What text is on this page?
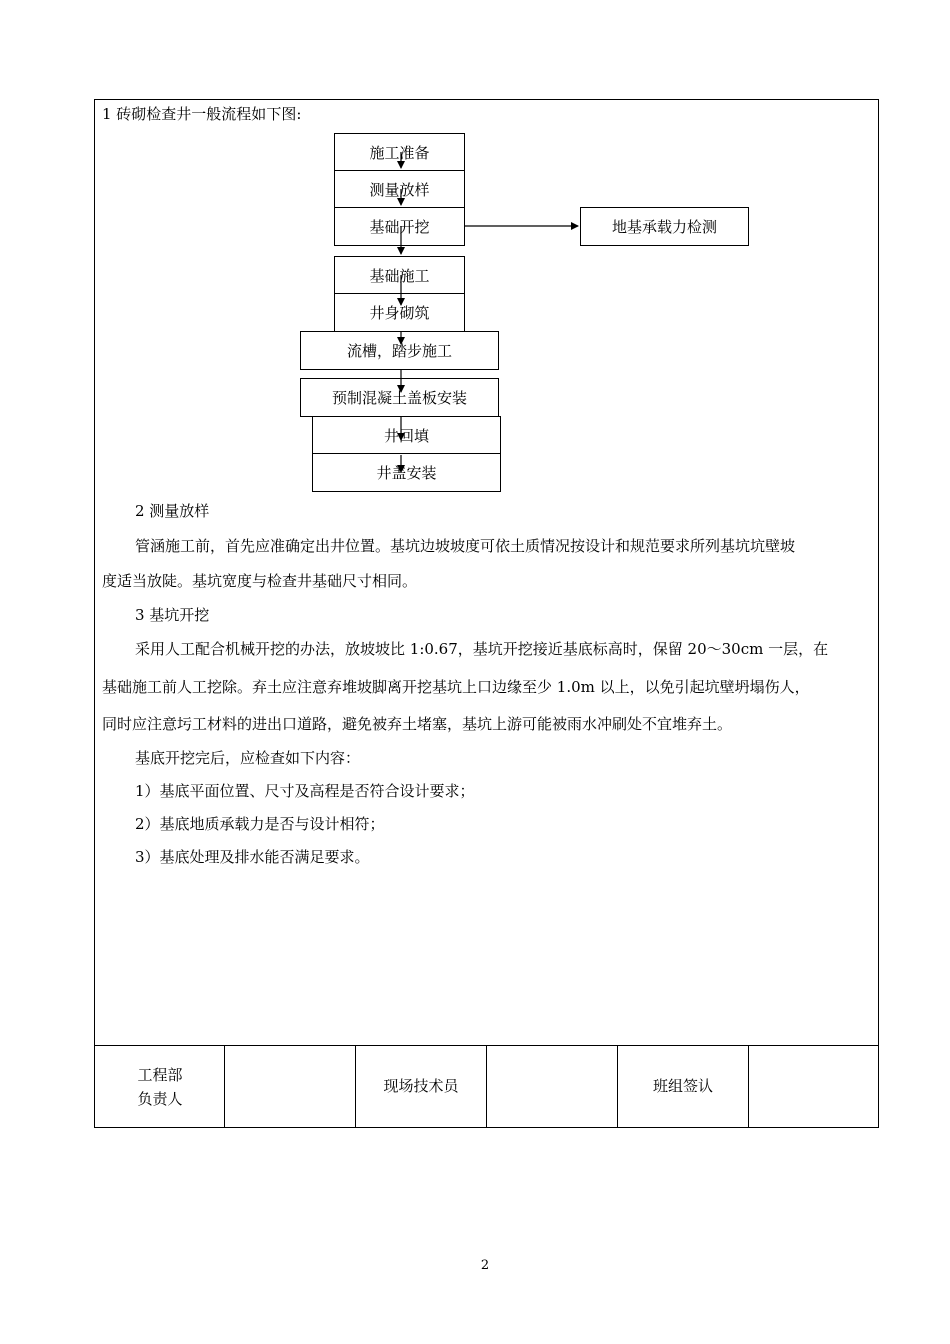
1 砖砌检查井一般流程如下图:
施工准备
测量放样
基础开挖	地基承载力检测
基础施工
井身砌筑
流槽，踏步施工
预制混凝土盖板安装
井回填
井盖安装
2 测量放样
管涵施工前，首先应准确定出井位置。基坑边坡坡度可依土质情况按设计和规范要求所列基坑坑壁坡
度适当放陡。基坑宽度与检查井基础尺寸相同。
3 基坑开挖
采用人工配合机械开挖的办法，放坡坡比 1:0.67，基坑开挖接近基底标高时，保留 20～30cm 一层，在
基础施工前人工挖除。弃土应注意弃堆坡脚离开挖基坑上口边缘至少 1.0m 以上，以免引起坑壁坍塌伤人，
同时应注意圬工材料的进出口道路，避免被弃土堵塞，基坑上游可能被雨水冲刷处不宜堆弃土。
基底开挖完后，应检查如下内容：
1）基底平面位置、尺寸及高程是否符合设计要求；
2）基底地质承载力是否与设计相符；
3）基底处理及排水能否满足要求。
工程部
负责人
现场技术员	班组签认
2
